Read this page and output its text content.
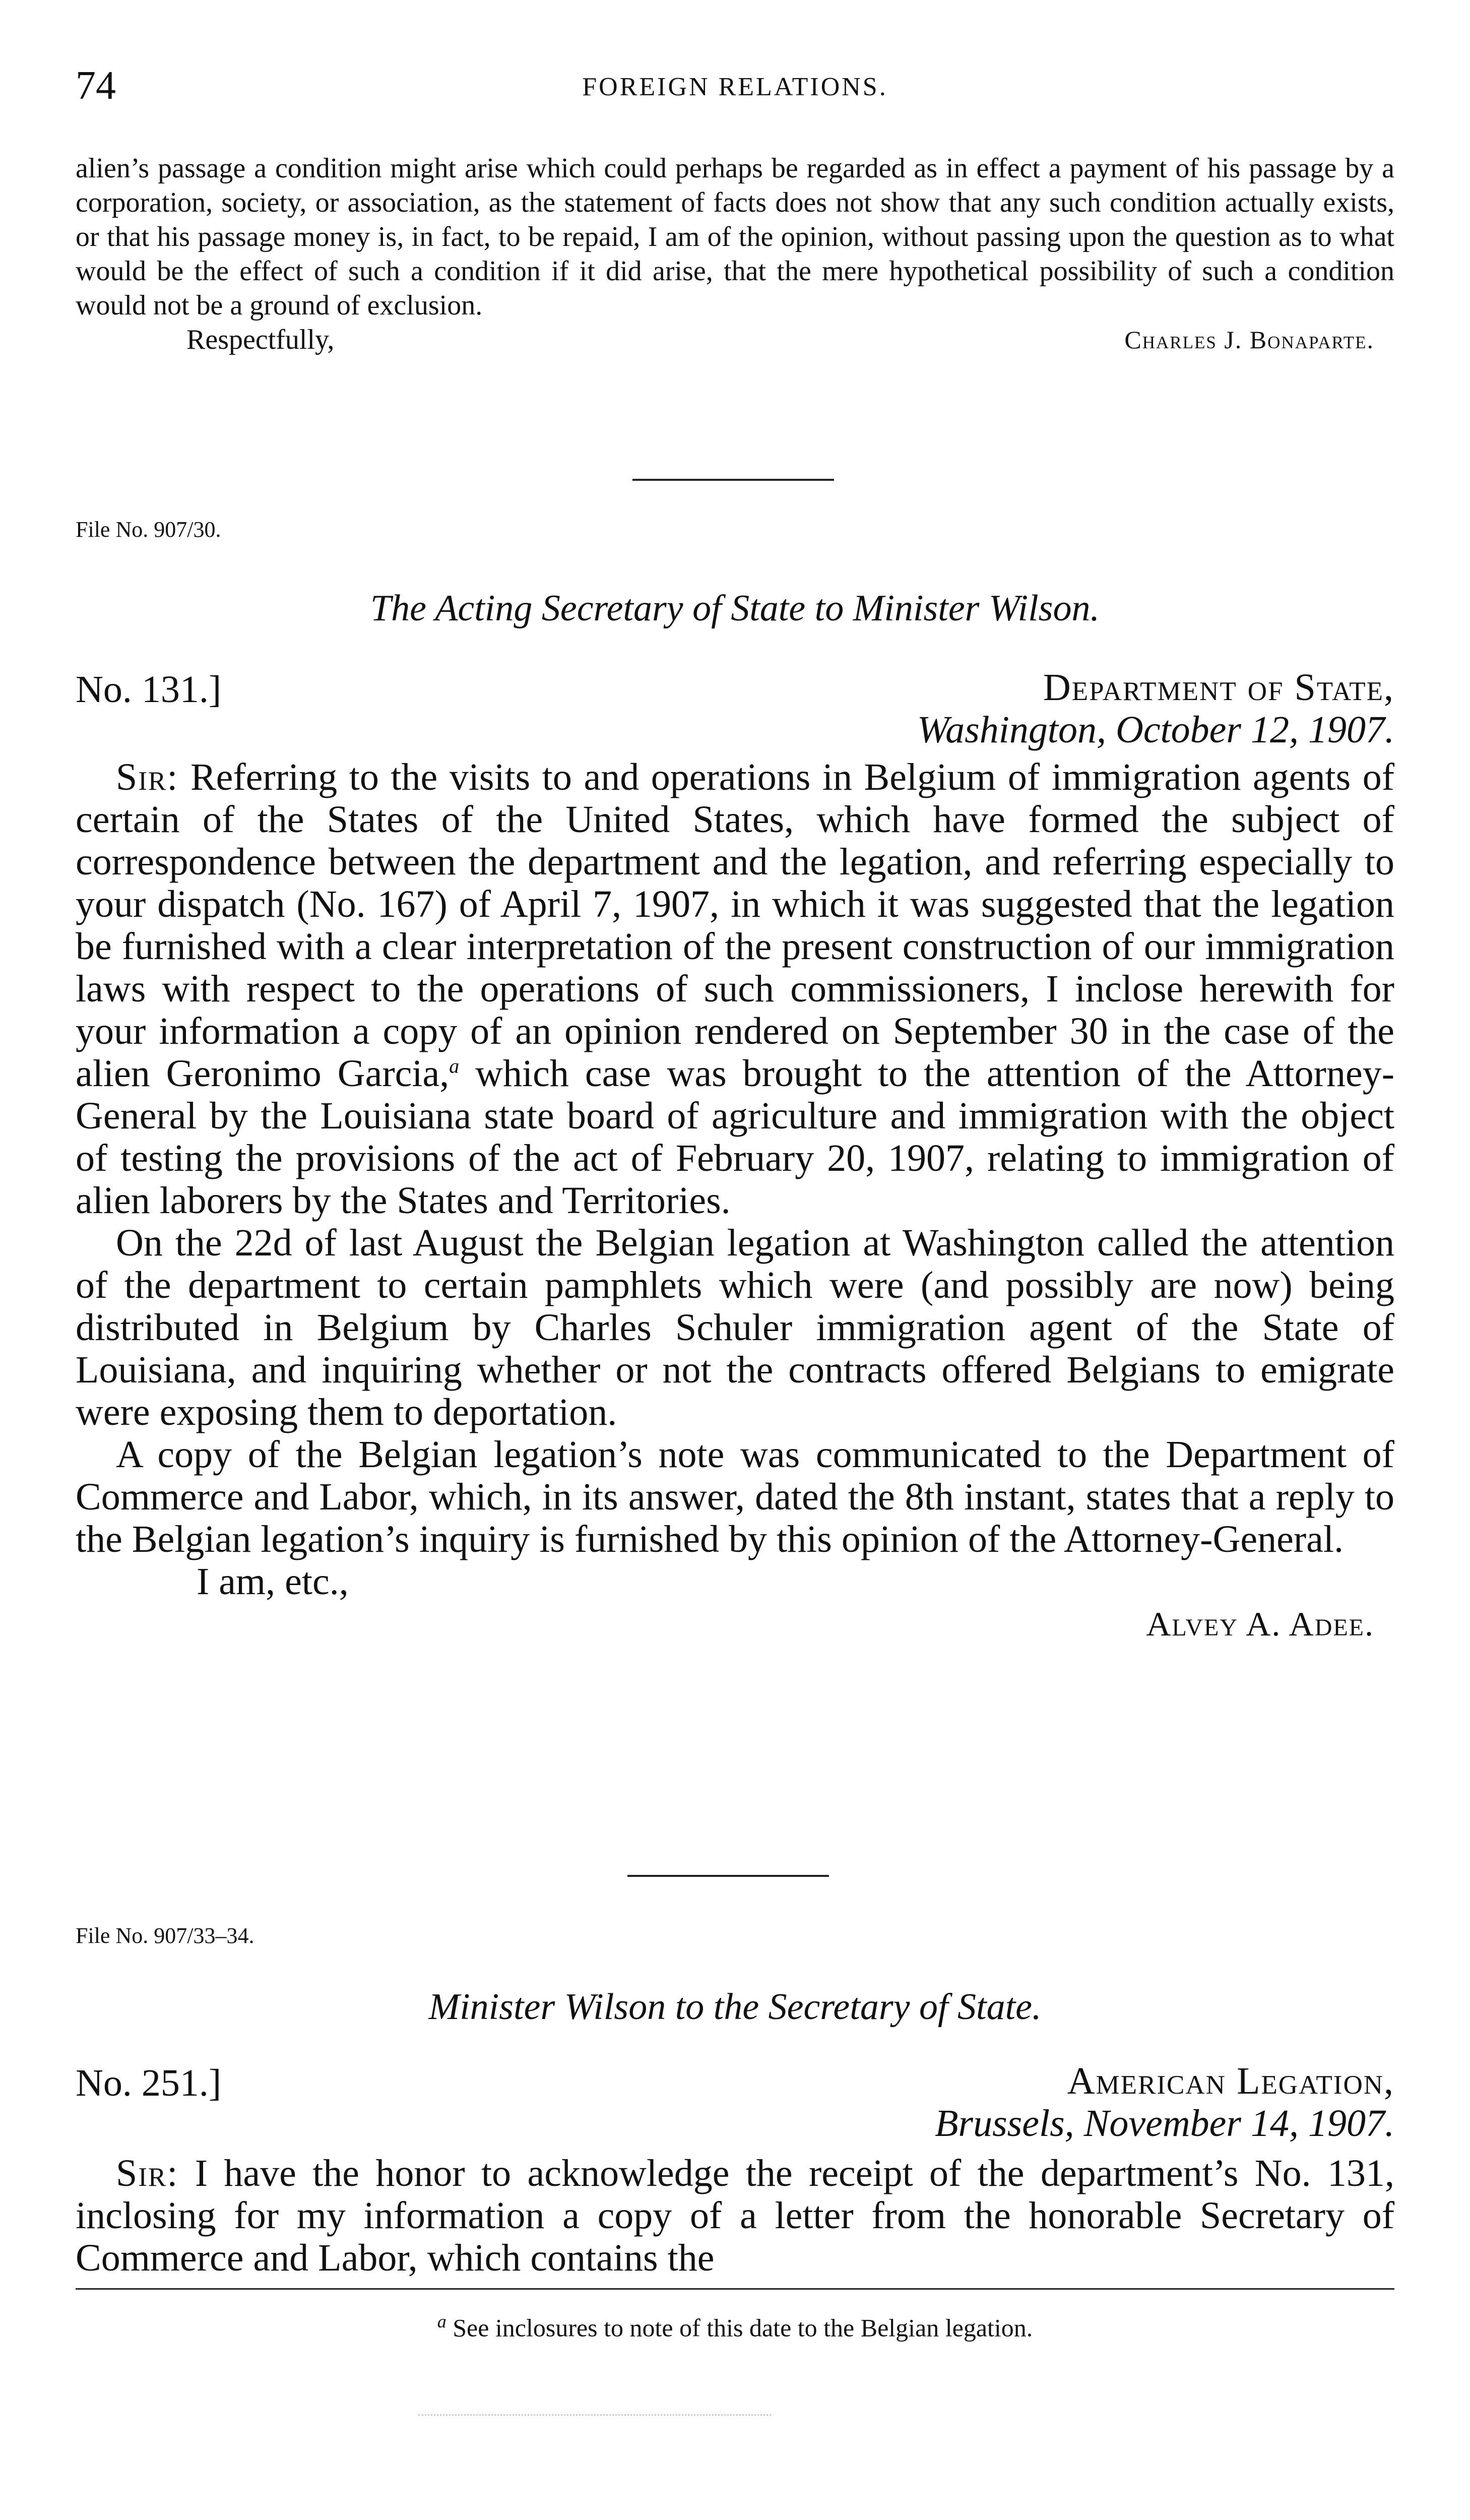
74	FOREIGN RELATIONS.

alien’s passage a condition might arise which could perhaps be regarded as in effect a payment of his passage by a corporation, society, or association, as the statement of facts does not show that any such condition actually exists, or that his passage money is, in fact, to be repaid, I am of the opinion, without passing upon the question as to what would be the effect of such a condition if it did arise, that the mere hypothetical possibility of such a condition would not be a ground of exclusion.

Respectfully,	Charles J. Bonaparte.
File No. 907/30.
The Acting Secretary of State to Minister Wilson.
No. 131.]	Department of State,
Washington, October 12, 1907.

Sir: Referring to the visits to and operations in Belgium of immigration agents of certain of the States of the United States, which have formed the subject of correspondence between the department and the legation, and referring especially to your dispatch (No. 167) of April 7, 1907, in which it was suggested that the legation be furnished with a clear interpretation of the present construction of our immigration laws with respect to the operations of such commissioners, I inclose herewith for your information a copy of an opinion rendered on September 30 in the case of the alien Geronimo Garcia,$^a$ which case was brought to the attention of the Attorney-General by the Louisiana state board of agriculture and immigration with the object of testing the provisions of the act of February 20, 1907, relating to immigration of alien laborers by the States and Territories.

On the 22d of last August the Belgian legation at Washington called the attention of the department to certain pamphlets which were (and possibly are now) being distributed in Belgium by Charles Schuler immigration agent of the State of Louisiana, and inquiring whether or not the contracts offered Belgians to emigrate were exposing them to deportation.

A copy of the Belgian legation’s note was communicated to the Department of Commerce and Labor, which, in its answer, dated the 8th instant, states that a reply to the Belgian legation’s inquiry is furnished by this opinion of the Attorney-General.

I am, etc.,
Alvey A. Adee.
File No. 907/33–34.
Minister Wilson to the Secretary of State.
No. 251.]	American Legation,
Brussels, November 14, 1907.

Sir: I have the honor to acknowledge the receipt of the department’s No. 131, inclosing for my information a copy of a letter from the honorable Secretary of Commerce and Labor, which contains the

$^a$ See inclosures to note of this date to the Belgian legation.
